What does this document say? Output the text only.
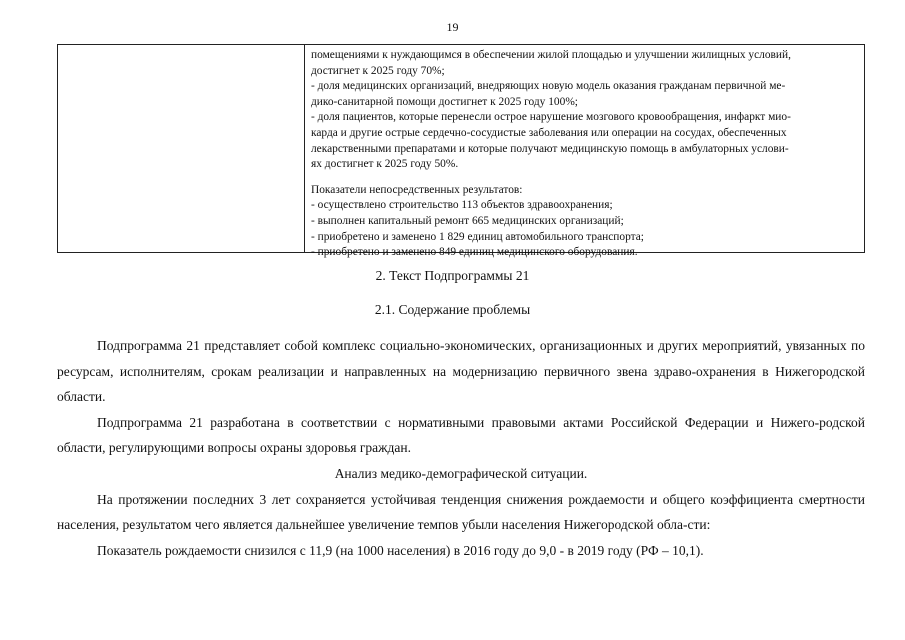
19

помещениями к нуждающимся в обеспечении жилой площадью и улучшении жилищных условий,

достигнет к 2025 году 70%;

- доля медицинских организаций, внедряющих новую модель оказания гражданам первичной ме-

дико-санитарной помощи достигнет к 2025 году 100%;

- доля пациентов, которые перенесли острое нарушение мозгового кровообращения, инфаркт мио-

карда и другие острые сердечно-сосудистые заболевания или операции на сосудах, обеспеченных

лекарственными препаратами и которые получают медицинскую помощь в амбулаторных услови-

ях достигнет к 2025 году 50%.

Показатели непосредственных результатов:

- осуществлено строительство 113 объектов здравоохранения;

- выполнен капитальный ремонт 665 медицинских организаций;

- приобретено и заменено 1 829 единиц автомобильного транспорта;

- приобретено и заменено 849 единиц медицинского оборудования.

2. Текст Подпрограммы 21
2.1. Содержание проблемы

Подпрограмма 21 представляет собой комплекс социально-экономических, организационных и других мероприятий, увязанных по ресурсам, исполнителям, срокам реализации и направленных на модернизацию первичного звена здраво-охранения в Нижегородской области.

Подпрограмма 21 разработана в соответствии с нормативными правовыми актами Российской Федерации и Нижего-родской области, регулирующими вопросы охраны здоровья граждан.

Анализ медико-демографической ситуации.

На протяжении последних 3 лет сохраняется устойчивая тенденция снижения рождаемости и общего коэффициента смертности населения, результатом чего является дальнейшее увеличение темпов убыли населения Нижегородской обла-сти:

Показатель рождаемости снизился с 11,9 (на 1000 населения) в 2016 году до 9,0 - в 2019 году (РФ – 10,1).
